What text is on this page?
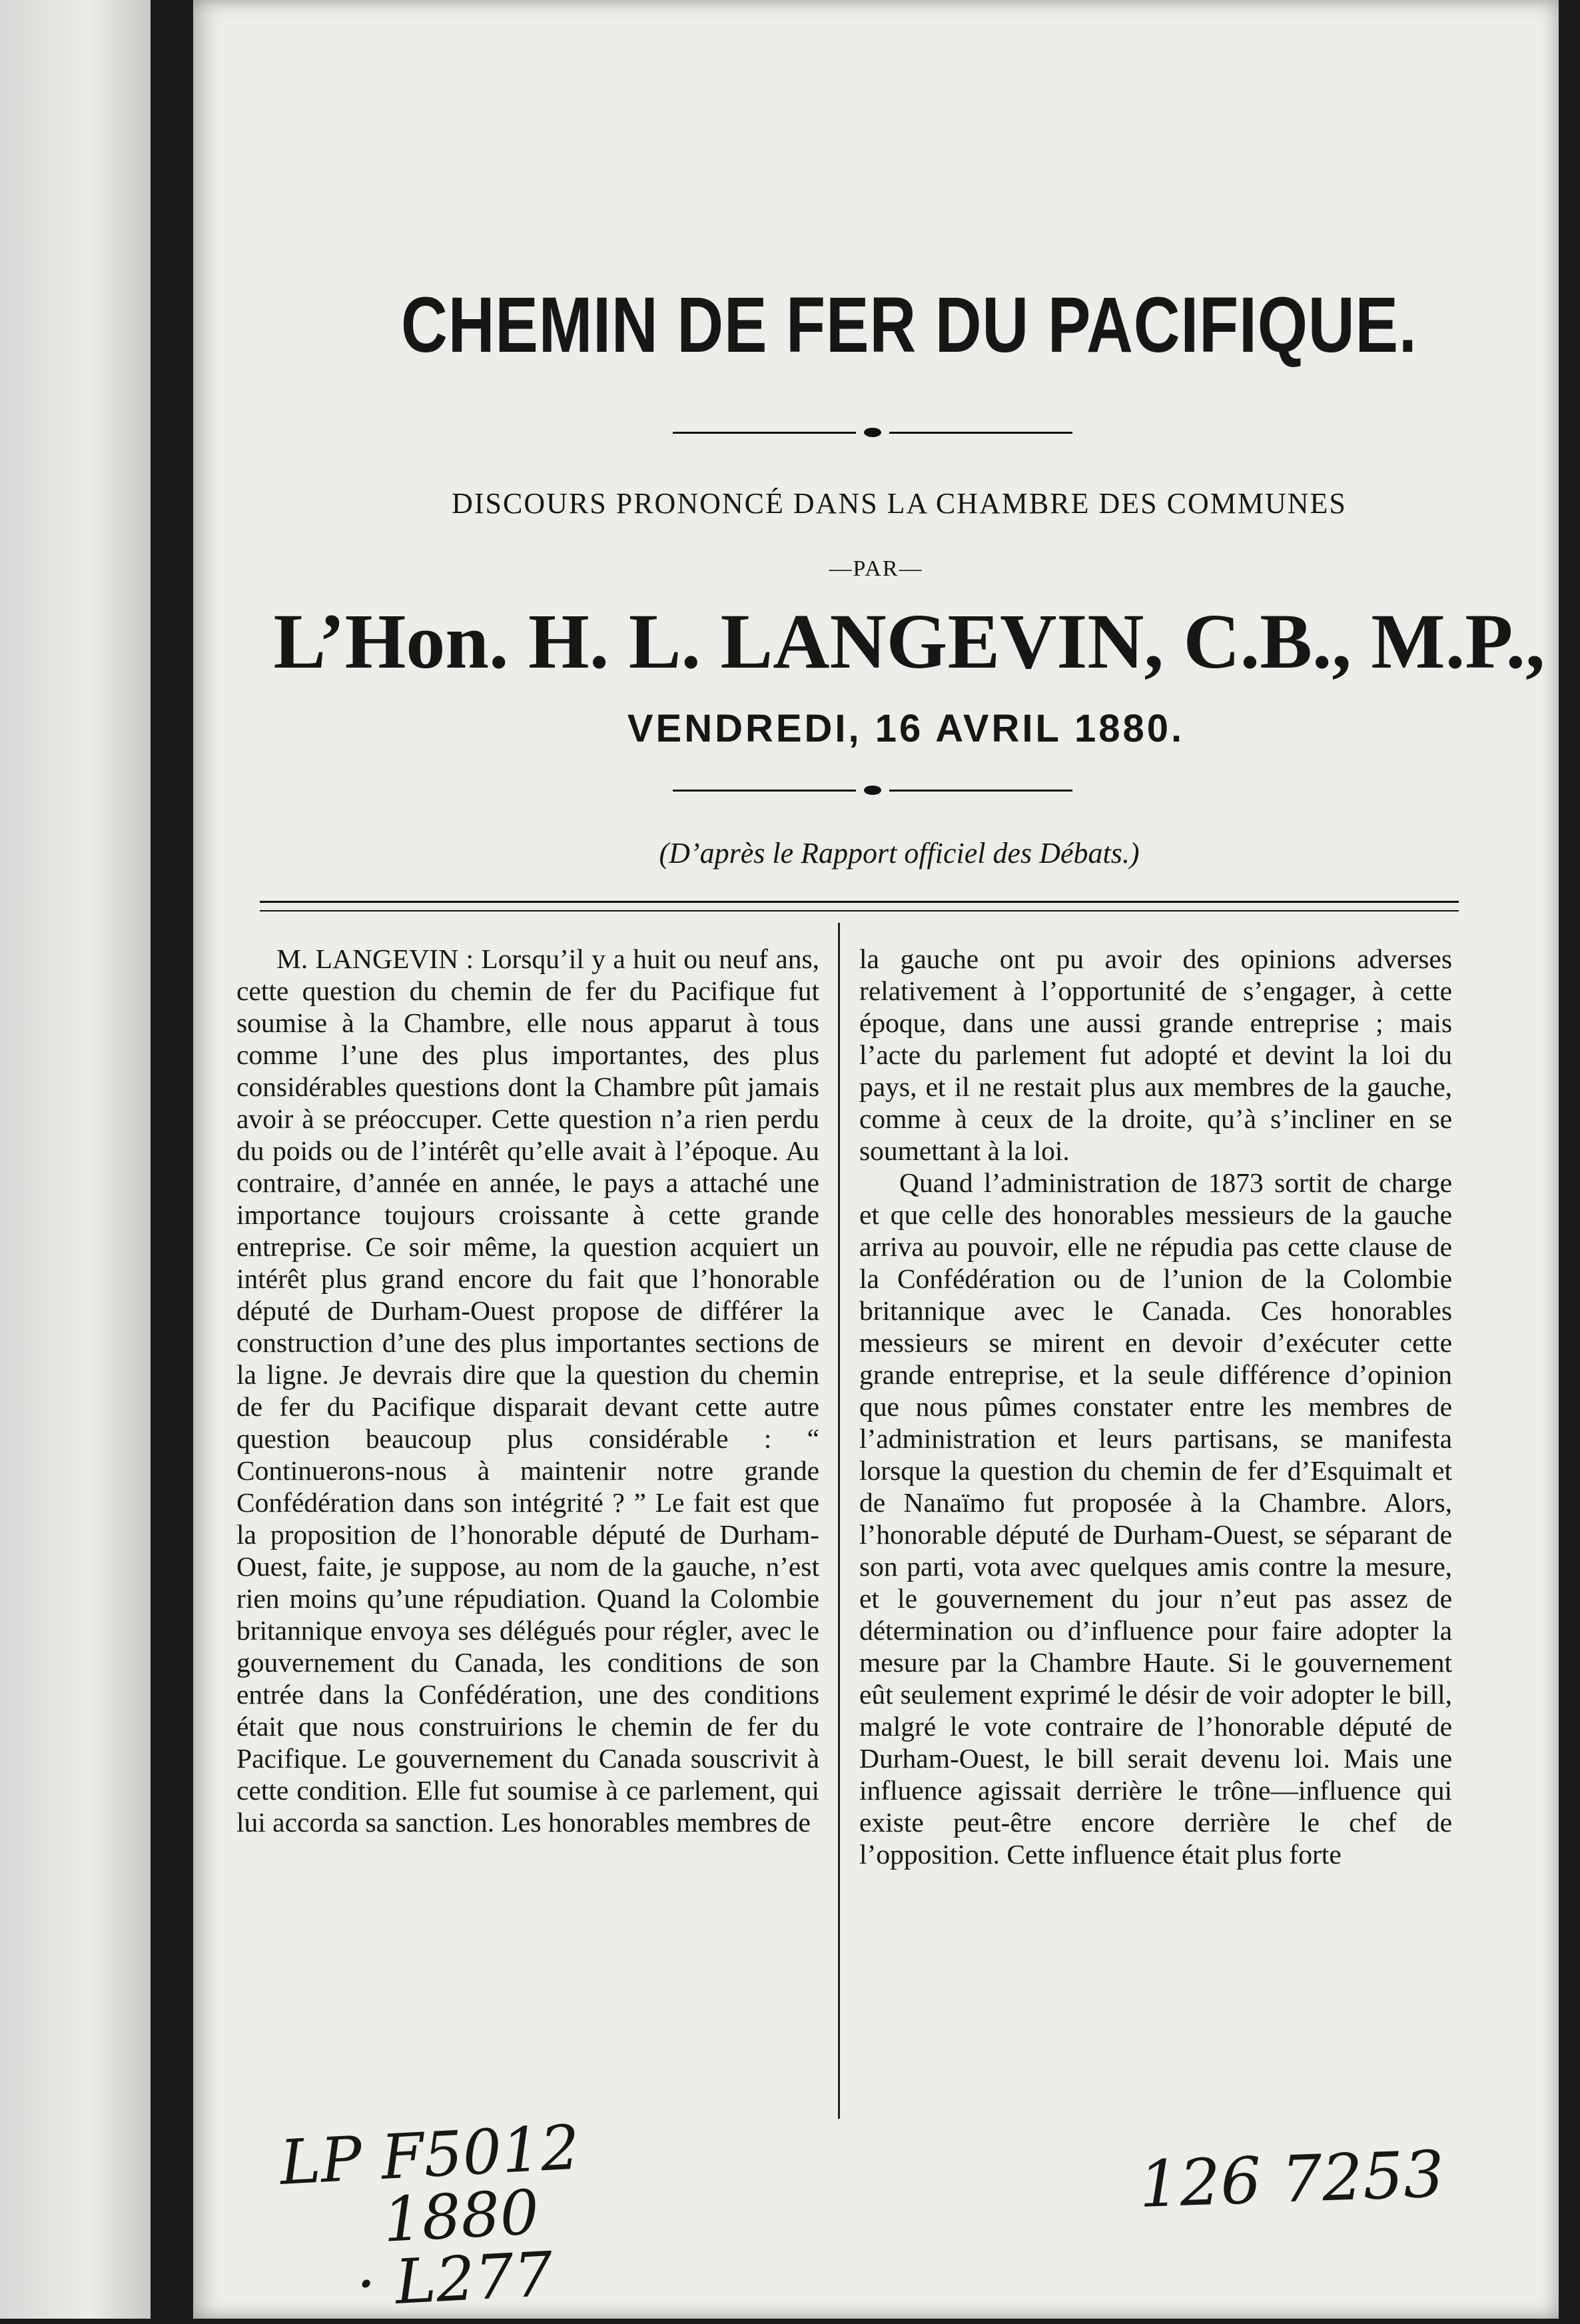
CHEMIN DE FER DU PACIFIQUE.
DISCOURS PRONONCÉ DANS LA CHAMBRE DES COMMUNES
—PAR—
L’Hon. H. L. LANGEVIN, C.B., M.P.,
VENDREDI, 16 AVRIL 1880.
(D’après le Rapport officiel des Débats.)

M. LANGEVIN : Lorsqu’il y a huit ou neuf ans, cette question du chemin de fer du Pacifique fut soumise à la Chambre, elle nous apparut à tous comme l’une des plus importantes, des plus considérables questions dont la Chambre pût jamais avoir à se préoccuper. Cette question n’a rien perdu du poids ou de l’intérêt qu’elle avait à l’époque. Au contraire, d’année en année, le pays a attaché une importance toujours croissante à cette grande entreprise. Ce soir même, la question acquiert un intérêt plus grand encore du fait que l’honorable député de Durham-Ouest propose de différer la construction d’une des plus importantes sections de la ligne. Je devrais dire que la question du chemin de fer du Pacifique disparait devant cette autre question beaucoup plus considérable : “ Continuerons-nous à maintenir notre grande Confédération dans son intégrité ? ” Le fait est que la proposition de l’honorable député de Durham-Ouest, faite, je suppose, au nom de la gauche, n’est rien moins qu’une répudiation. Quand la Colombie britannique envoya ses délégués pour régler, avec le gouvernement du Canada, les conditions de son entrée dans la Confédération, une des conditions était que nous construirions le chemin de fer du Pacifique. Le gouvernement du Canada souscrivit à cette condition. Elle fut soumise à ce parlement, qui lui accorda sa sanction. Les honorables membres de

la gauche ont pu avoir des opinions adverses relativement à l’opportunité de s’engager, à cette époque, dans une aussi grande entreprise ; mais l’acte du parlement fut adopté et devint la loi du pays, et il ne restait plus aux membres de la gauche, comme à ceux de la droite, qu’à s’incliner en se soumettant à la loi.

Quand l’administration de 1873 sortit de charge et que celle des honorables messieurs de la gauche arriva au pouvoir, elle ne répudia pas cette clause de la Confédération ou de l’union de la Colombie britannique avec le Canada. Ces honorables messieurs se mirent en devoir d’exécuter cette grande entreprise, et la seule différence d’opinion que nous pûmes constater entre les membres de l’administration et leurs partisans, se manifesta lorsque la question du chemin de fer d’Esquimalt et de Nanaïmo fut proposée à la Chambre. Alors, l’honorable député de Durham-Ouest, se séparant de son parti, vota avec quelques amis contre la mesure, et le gouvernement du jour n’eut pas assez de détermination ou d’influence pour faire adopter la mesure par la Chambre Haute. Si le gouvernement eût seulement exprimé le désir de voir adopter le bill, malgré le vote contraire de l’honorable député de Durham-Ouest, le bill serait devenu loi. Mais une influence agissait derrière le trône—influence qui existe peut-être encore derrière le chef de l’opposition. Cette influence était plus forte

LP F5012
1880
· L277
126 7253
